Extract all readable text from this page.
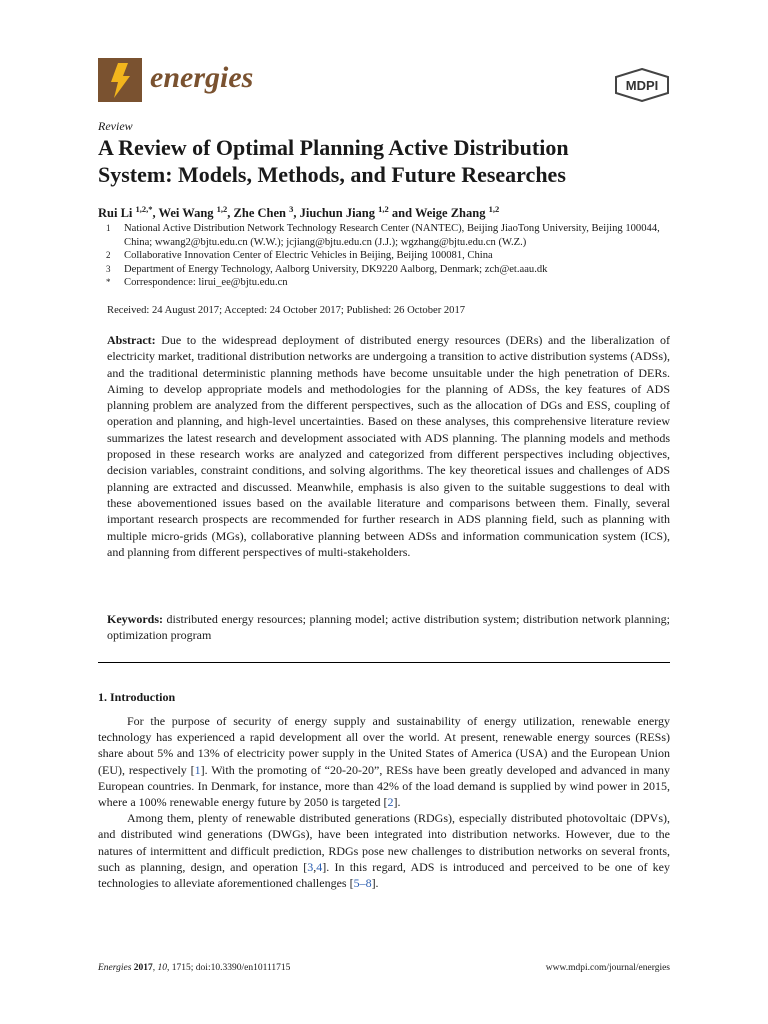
energies	MDPI
Review
A Review of Optimal Planning Active Distribution
System: Models, Methods, and Future Researches
Rui Li $^{1,2,*}$, Wei Wang $^{1,2}$, Zhe Chen $^3$, Jiuchun Jiang $^{1,2}$ and Weige Zhang $^{1,2}$
1	National Active Distribution Network Technology Research Center (NANTEC), Beijing JiaoTong University, Beijing 100044, China; wwang2@bjtu.edu.cn (W.W.); jcjiang@bjtu.edu.cn (J.J.); wgzhang@bjtu.edu.cn (W.Z.)
2	Collaborative Innovation Center of Electric Vehicles in Beijing, Beijing 100081, China
3	Department of Energy Technology, Aalborg University, DK9220 Aalborg, Denmark; zch@et.aau.dk
*	Correspondence: lirui_ee@bjtu.edu.cn
Received: 24 August 2017; Accepted: 24 October 2017; Published: 26 October 2017
Abstract: Due to the widespread deployment of distributed energy resources (DERs) and the liberalization of electricity market, traditional distribution networks are undergoing a transition to active distribution systems (ADSs), and the traditional deterministic planning methods have become unsuitable under the high penetration of DERs. Aiming to develop appropriate models and methodologies for the planning of ADSs, the key features of ADS planning problem are analyzed from the different perspectives, such as the allocation of DGs and ESS, coupling of operation and planning, and high-level uncertainties. Based on these analyses, this comprehensive literature review summarizes the latest research and development associated with ADS planning. The planning models and methods proposed in these research works are analyzed and categorized from different perspectives including objectives, decision variables, constraint conditions, and solving algorithms. The key theoretical issues and challenges of ADS planning are extracted and discussed. Meanwhile, emphasis is also given to the suitable suggestions to deal with these abovementioned issues based on the available literature and comparisons between them. Finally, several important research prospects are recommended for further research in ADS planning field, such as planning with multiple micro-grids (MGs), collaborative planning between ADSs and information communication system (ICS), and planning from different perspectives of multi-stakeholders.
Keywords: distributed energy resources; planning model; active distribution system; distribution network planning; optimization program
1. Introduction

For the purpose of security of energy supply and sustainability of energy utilization, renewable energy technology has experienced a rapid development all over the world. At present, renewable energy sources (RESs) share about 5% and 13% of electricity power supply in the United States of America (USA) and the European Union (EU), respectively [1]. With the promoting of “20-20-20”, RESs have been greatly developed and advanced in many European countries. In Denmark, for instance, more than 42% of the load demand is supplied by wind power in 2015, where a 100% renewable energy future by 2050 is targeted [2].

Among them, plenty of renewable distributed generations (RDGs), especially distributed photovoltaic (DPVs), and distributed wind generations (DWGs), have been integrated into distribution networks. However, due to the natures of intermittent and difficult prediction, RDGs pose new challenges to distribution networks on several fronts, such as planning, design, and operation [3,4]. In this regard, ADS is introduced and perceived to be one of key technologies to alleviate aforementioned challenges [5–8].

Energies 2017, 10, 1715; doi:10.3390/en10111715	www.mdpi.com/journal/energies
